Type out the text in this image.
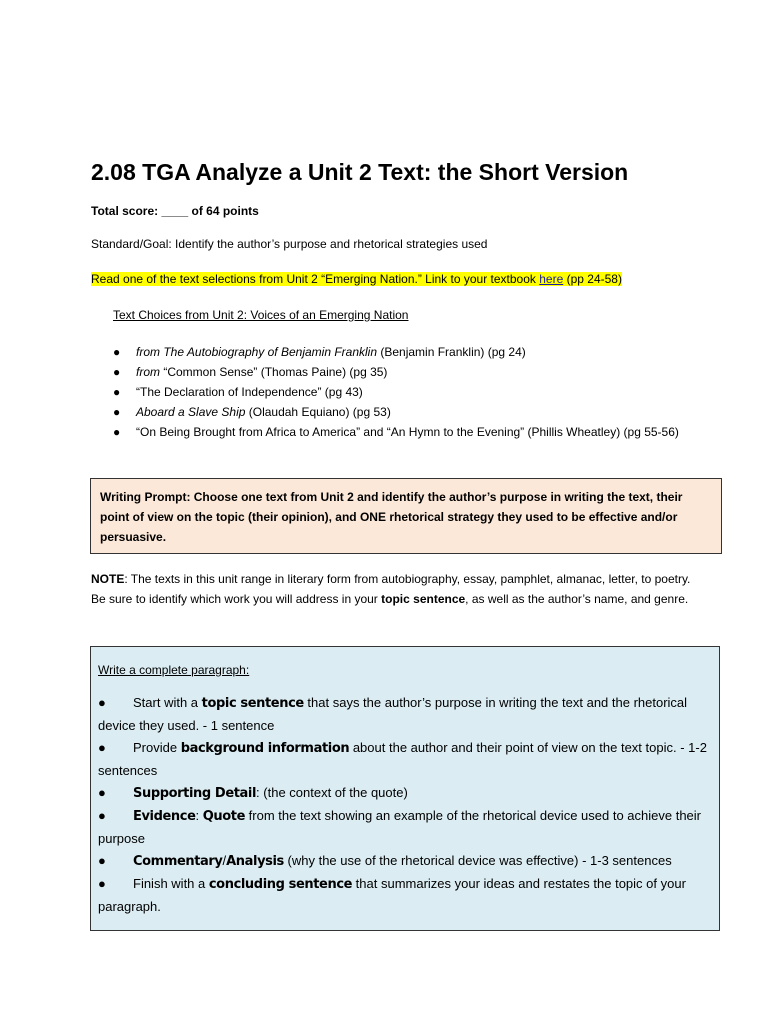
2.08 TGA Analyze a Unit 2 Text: the Short Version
Total score: ____ of 64 points
Standard/Goal: Identify the author’s purpose and rhetorical strategies used
Read one of the text selections from Unit 2 “Emerging Nation.” Link to your textbook here (pp 24-58)
Text Choices from Unit 2: Voices of an Emerging Nation
● from The Autobiography of Benjamin Franklin (Benjamin Franklin) (pg 24)
● from “Common Sense” (Thomas Paine) (pg 35)
● “The Declaration of Independence” (pg 43)
● Aboard a Slave Ship (Olaudah Equiano) (pg 53)
● “On Being Brought from Africa to America” and “An Hymn to the Evening” (Phillis Wheatley) (pg 55-56)
Writing Prompt: Choose one text from Unit 2 and identify the author’s purpose in writing the text, their point of view on the topic (their opinion), and ONE rhetorical strategy they used to be effective and/or persuasive.
NOTE: The texts in this unit range in literary form from autobiography, essay, pamphlet, almanac, letter, to poetry. Be sure to identify which work you will address in your topic sentence, as well as the author’s name, and genre.
Write a complete paragraph:
● Start with a topic sentence that says the author’s purpose in writing the text and the rhetorical device they used. - 1 sentence
● Provide background information about the author and their point of view on the text topic. - 1-2 sentences
● Supporting Detail: (the context of the quote)
● Evidence: Quote from the text showing an example of the rhetorical device used to achieve their purpose
● Commentary/Analysis (why the use of the rhetorical device was effective) - 1-3 sentences
● Finish with a concluding sentence that summarizes your ideas and restates the topic of your paragraph.
